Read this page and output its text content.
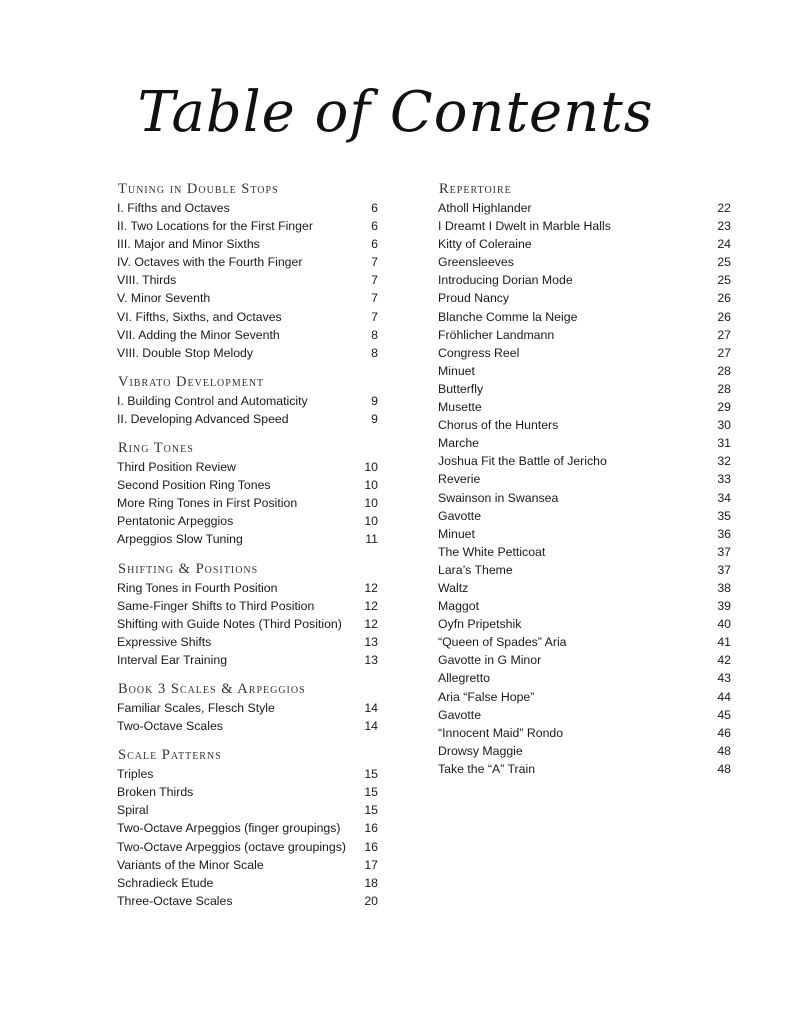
Table of Contents
Tuning in Double Stops
I. Fifths and Octaves	6
II. Two Locations for the First Finger	6
III. Major and Minor Sixths	6
IV. Octaves with the Fourth Finger	7
VIII. Thirds	7
V. Minor Seventh	7
VI. Fifths, Sixths, and Octaves	7
VII. Adding the Minor Seventh	8
VIII. Double Stop Melody	8
Vibrato Development
I. Building Control and Automaticity	9
II. Developing Advanced Speed	9
Ring Tones
Third Position Review	10
Second Position Ring Tones	10
More Ring Tones in First Position	10
Pentatonic Arpeggios	10
Arpeggios Slow Tuning	11
Shifting & Positions
Ring Tones in Fourth Position	12
Same-Finger Shifts to Third Position	12
Shifting with Guide Notes (Third Position)	12
Expressive Shifts	13
Interval Ear Training	13
Book 3 Scales & Arpeggios
Familiar Scales, Flesch Style	14
Two-Octave Scales	14
Scale Patterns
Triples	15
Broken Thirds	15
Spiral	15
Two-Octave Arpeggios (finger groupings)	16
Two-Octave Arpeggios (octave groupings)	16
Variants of the Minor Scale	17
Schradieck Etude	18
Three-Octave Scales	20
Repertoire
Atholl Highlander	22
I Dreamt I Dwelt in Marble Halls	23
Kitty of Coleraine	24
Greensleeves	25
Introducing Dorian Mode	25
Proud Nancy	26
Blanche Comme la Neige	26
Fröhlicher Landmann	27
Congress Reel	27
Minuet	28
Butterfly	28
Musette	29
Chorus of the Hunters	30
Marche	31
Joshua Fit the Battle of Jericho	32
Reverie	33
Swainson in Swansea	34
Gavotte	35
Minuet	36
The White Petticoat	37
Lara’s Theme	37
Waltz	38
Maggot	39
Oyfn Pripetshik	40
“Queen of Spades” Aria	41
Gavotte in G Minor	42
Allegretto	43
Aria “False Hope”	44
Gavotte	45
“Innocent Maid” Rondo	46
Drowsy Maggie	48
Take the “A” Train	48
